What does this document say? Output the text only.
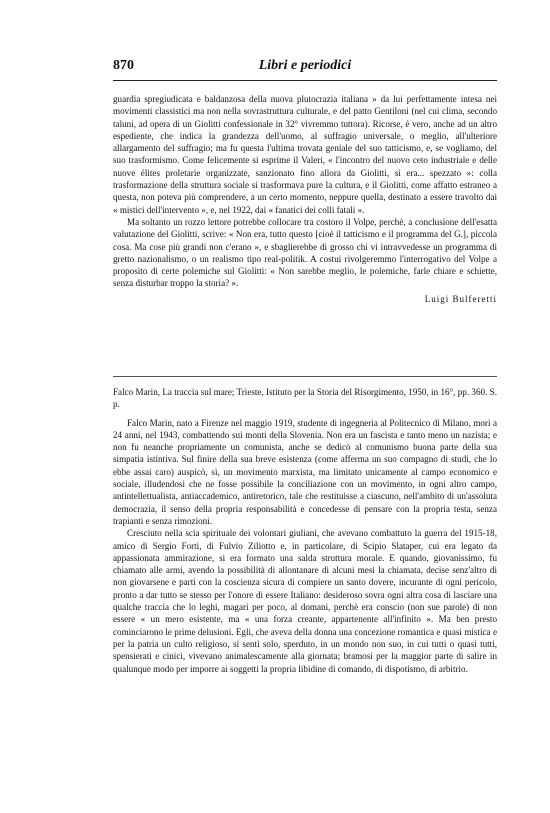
870	Libri e periodici

guardia spregiudicata e baldanzosa della nuova plutocrazia italiana » da lui perfettamente intesa nei movimenti classistici ma non nella sovrastruttura culturale, e del patto Gentiloni (nel cui clima, secondo taluni, ad opera di un Giolitti confessionale in 32° vivremmo tuttora). Ricorse, è vero, anche ad un altro espediente, che indica la grandezza dell'uomo, al suffragio universale, o meglio, all'ulteriore allargamento del suffragio; ma fu questa l'ultima trovata geniale del suo tatticismo, e, se vogliamo, del suo trasformismo. Come felicemente si esprime il Valeri, « l'incontro del nuovo ceto industriale e delle nuove élites proletarie organizzate, sanzionato fino allora da Giolitti, si era... spezzato »: colla trasformazione della struttura sociale si trasformava pure la cultura, e il Giolitti, come affatto estraneo a questa, non poteva più comprendere, a un certo momento, neppure quella, destinato a essere travolto dai « mistici dell'intervento », e, nel 1922, dai « fanatici dei colli fatali ».

Ma soltanto un rozzo lettore potrebbe collocare tra costoro il Volpe, perchè, a conclusione dell'esatta valutazione del Giolitti, scrive: « Non era, tutto questo [cioè il tatticismo e il programma del G.], piccola cosa. Ma cose più grandi non c'erano », e sbaglierebbe di grosso chi vi intravvedesse un programma di gretto nazionalismo, o un realismo tipo real-politik. A costui rivolgeremmo l'interrogativo del Volpe a proposito di certe polemiche sul Giolitti: « Non sarebbe meglio, le polemiche, farle chiare e schiette, senza disturbar troppo la storia? ».

Luigi Bulferetti

Falco Marin, La traccia sul mare; Trieste, Istituto per la Storia del Risorgimento, 1950, in 16°, pp. 360. S. p.

Falco Marin, nato a Firenze nel maggio 1919, studente di ingegneria al Politecnico di Milano, morì a 24 anni, nel 1943, combattendo sui monti della Slovenia. Non era un fascista e tanto meno un nazista; e non fu neanche propriamente un comunista, anche se dedicò al comunismo buona parte della sua simpatia istintiva. Sul finire della sua breve esistenza (come afferma un suo compagno di studi, che lo ebbe assai caro) auspicò, sì, un movimento marxista, ma limitato unicamente al campo economico e sociale, illudendosi che ne fosse possibile la conciliazione con un movimento, in ogni altro campo, antintellettualista, antiaccademico, antiretorico, tale che restituisse a ciascuno, nell'ambito di un'assoluta democrazia, il senso della propria responsabilità e concedesse di pensare con la propria testa, senza trapianti e senza rimozioni.

Cresciuto nella scia spirituale dei volontari giuliani, che avevano combattuto la guerra del 1915-18, amico di Sergio Forti, di Fulvio Ziliotto e, in particolare, di Scipio Slataper, cui era legato da appassionata ammirazione, si era formato una salda struttura morale. E quando, giovanissimo, fu chiamato alle armi, avendo la possibilità di allontanare di alcuni mesi la chiamata, decise senz'altro di non giovarsene e partì con la coscienza sicura di compiere un santo dovere, incurante di ogni pericolo, pronto a dar tutto se stesso per l'onore di essere Italiano: desideroso sovra ogni altra cosa di lasciare una qualche traccia che lo leghi, magari per poco, al domani, perchè era conscio (non sue parole) di non essere « un mero esistente, ma « una forza creante, appartenente all'infinito ». Ma ben presto cominciarono le prime delusioni. Egli, che aveva della donna una concezione romantica e quasi mistica e per la patria un culto religioso, si sentì solo, sperduto, in un mondo non suo, in cui tutti o quasi tutti, spensierati e cinici, vivevano animalescamente alla giornata; bramosi per la maggior parte di salire in qualunque modo per imporre ai soggetti la propria libidine di comando, di dispotismo, di arbitrio.
